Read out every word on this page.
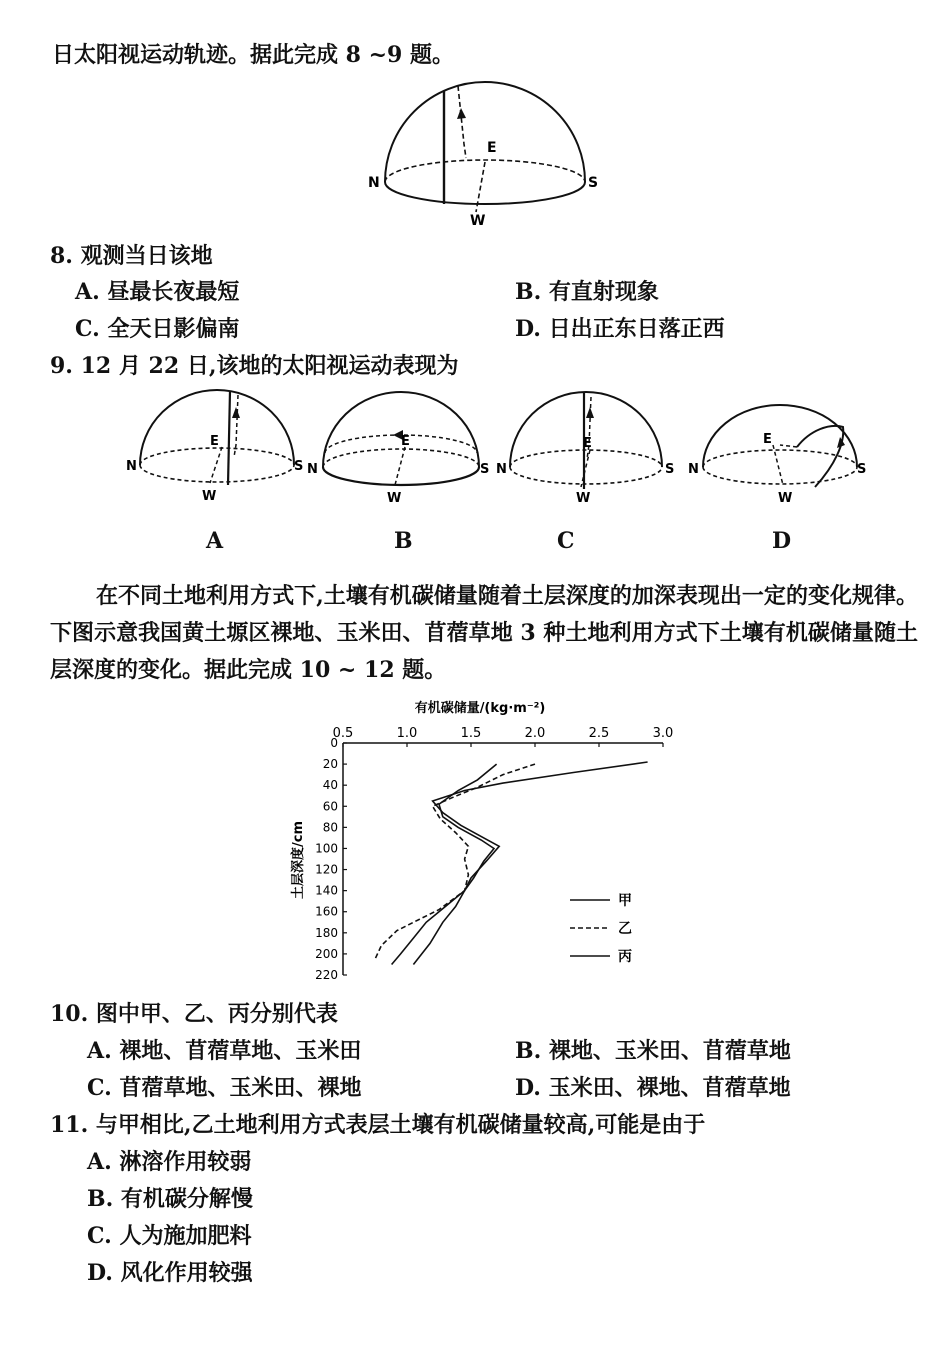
日太阳视运动轨迹。据此完成 8 ~9 题。
N	S
E
W
8. 观测当日该地
A. 昼最长夜最短	B. 有直射现象
C. 全天日影偏南	D. 日出正东日落正西
9. 12 月 22 日,该地的太阳视运动表现为
N	S
E
W
N	S
E
W
N	S
E
W
N	S
E
W
A	B	C	D
在不同土地利用方式下,土壤有机碳储量随着土层深度的加深表现出一定的变化规律。下图示意我国黄土塬区裸地、玉米田、苜蓿草地 3 种土地利用方式下土壤有机碳储量随土层深度的变化。据此完成 10 ~ 12 题。
有机碳储量/(kg·m⁻²)
0.5	1.0	1.5	2.0	2.5	3.0
0
20
40
60
80
100
120
140
160
180
200
220
土层深度/cm
甲
乙
丙
10. 图中甲、乙、丙分别代表
A. 裸地、苜蓿草地、玉米田	B. 裸地、玉米田、苜蓿草地
C. 苜蓿草地、玉米田、裸地	D. 玉米田、裸地、苜蓿草地
11. 与甲相比,乙土地利用方式表层土壤有机碳储量较高,可能是由于
A. 淋溶作用较弱
B. 有机碳分解慢
C. 人为施加肥料
D. 风化作用较强
